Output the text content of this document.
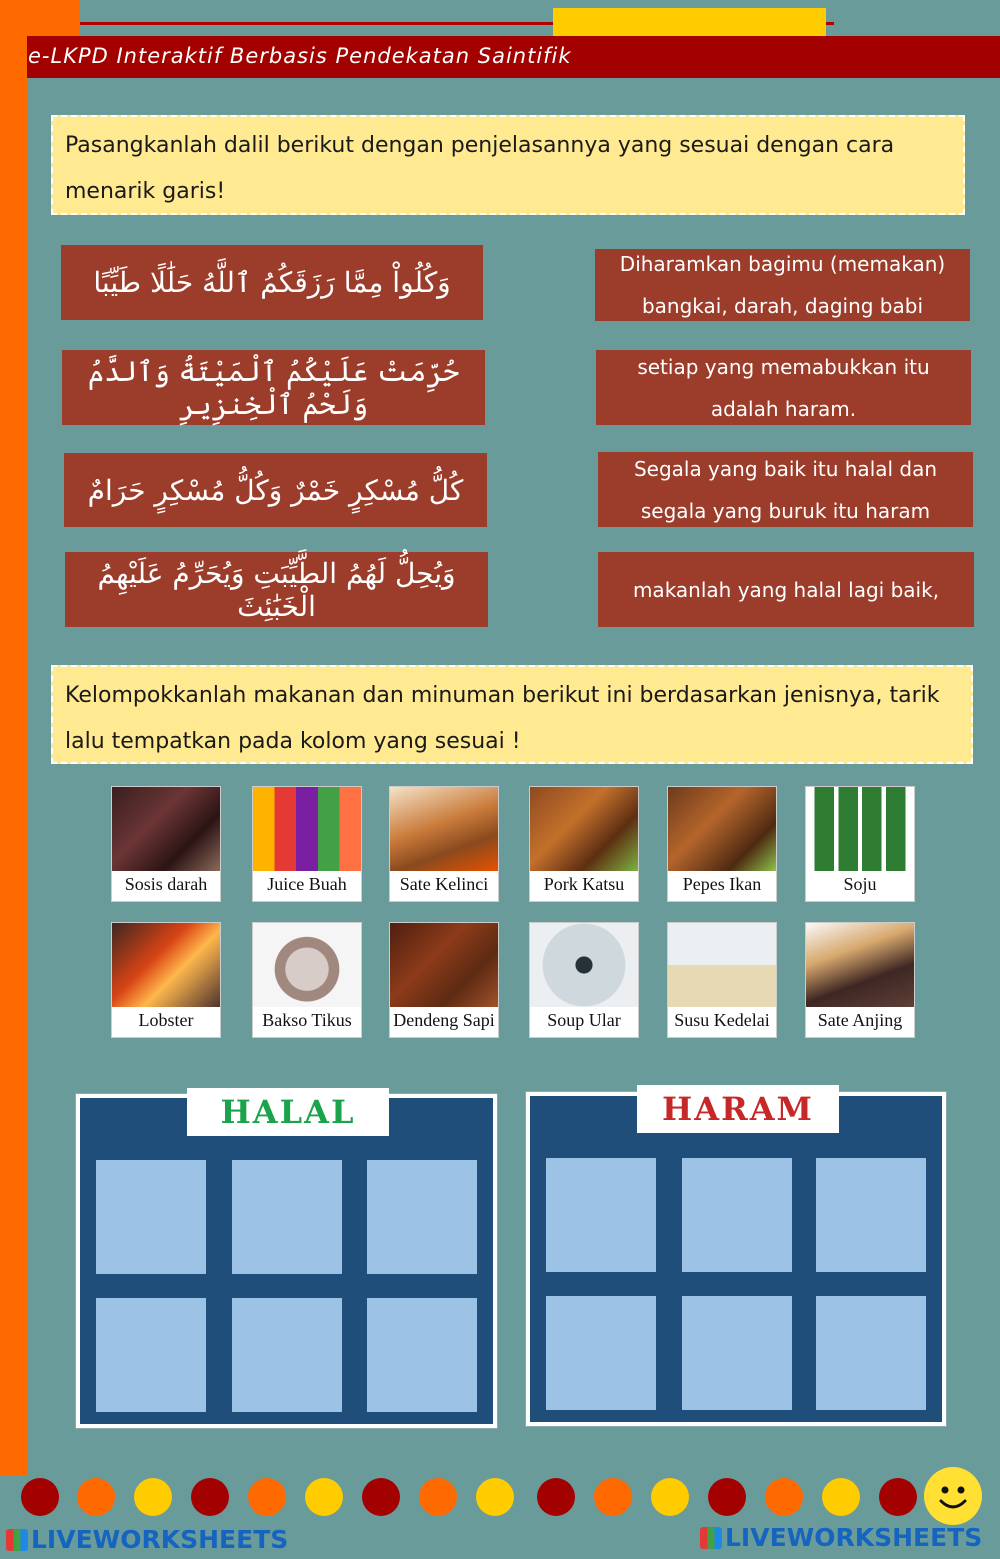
e-LKPD Interaktif Berbasis Pendekatan Saintifik
Pasangkanlah dalil berikut dengan penjelasannya yang sesuai dengan cara menarik garis!
وَكُلُواْ مِمَّا رَزَقَكُمُ ٱللَّهُ حَلَٰلًا طَيِّبًا
حُرِّمَتْ عَلَيْكُمُ ٱلْمَيْتَةُ وَٱلدَّمُ وَلَحْمُ ٱلْخِنزِيرِ
كُلُّ مُسْكِرٍ خَمْرٌ وَكُلُّ مُسْكِرٍ حَرَامٌ
وَيُحِلُّ لَهُمُ الطَّيِّبَتِ وَيُحَرِّمُ عَلَيْهِمُ الْخَبَٰئِثَ
Diharamkan bagimu (memakan) bangkai, darah, daging babi
setiap yang memabukkan itu adalah haram.
Segala yang baik itu halal dan segala yang buruk itu haram
makanlah yang halal lagi baik,
Kelompokkanlah makanan dan minuman berikut ini berdasarkan jenisnya, tarik lalu tempatkan pada kolom yang sesuai !
Sosis darah	Juice Buah	Sate Kelinci	Pork Katsu	Pepes Ikan	Soju
Lobster	Bakso Tikus	Dendeng Sapi	Soup Ular	Susu Kedelai	Sate Anjing
HALAL	HARAM
LIVEWORKSHEETS	LIVEWORKSHEETS
